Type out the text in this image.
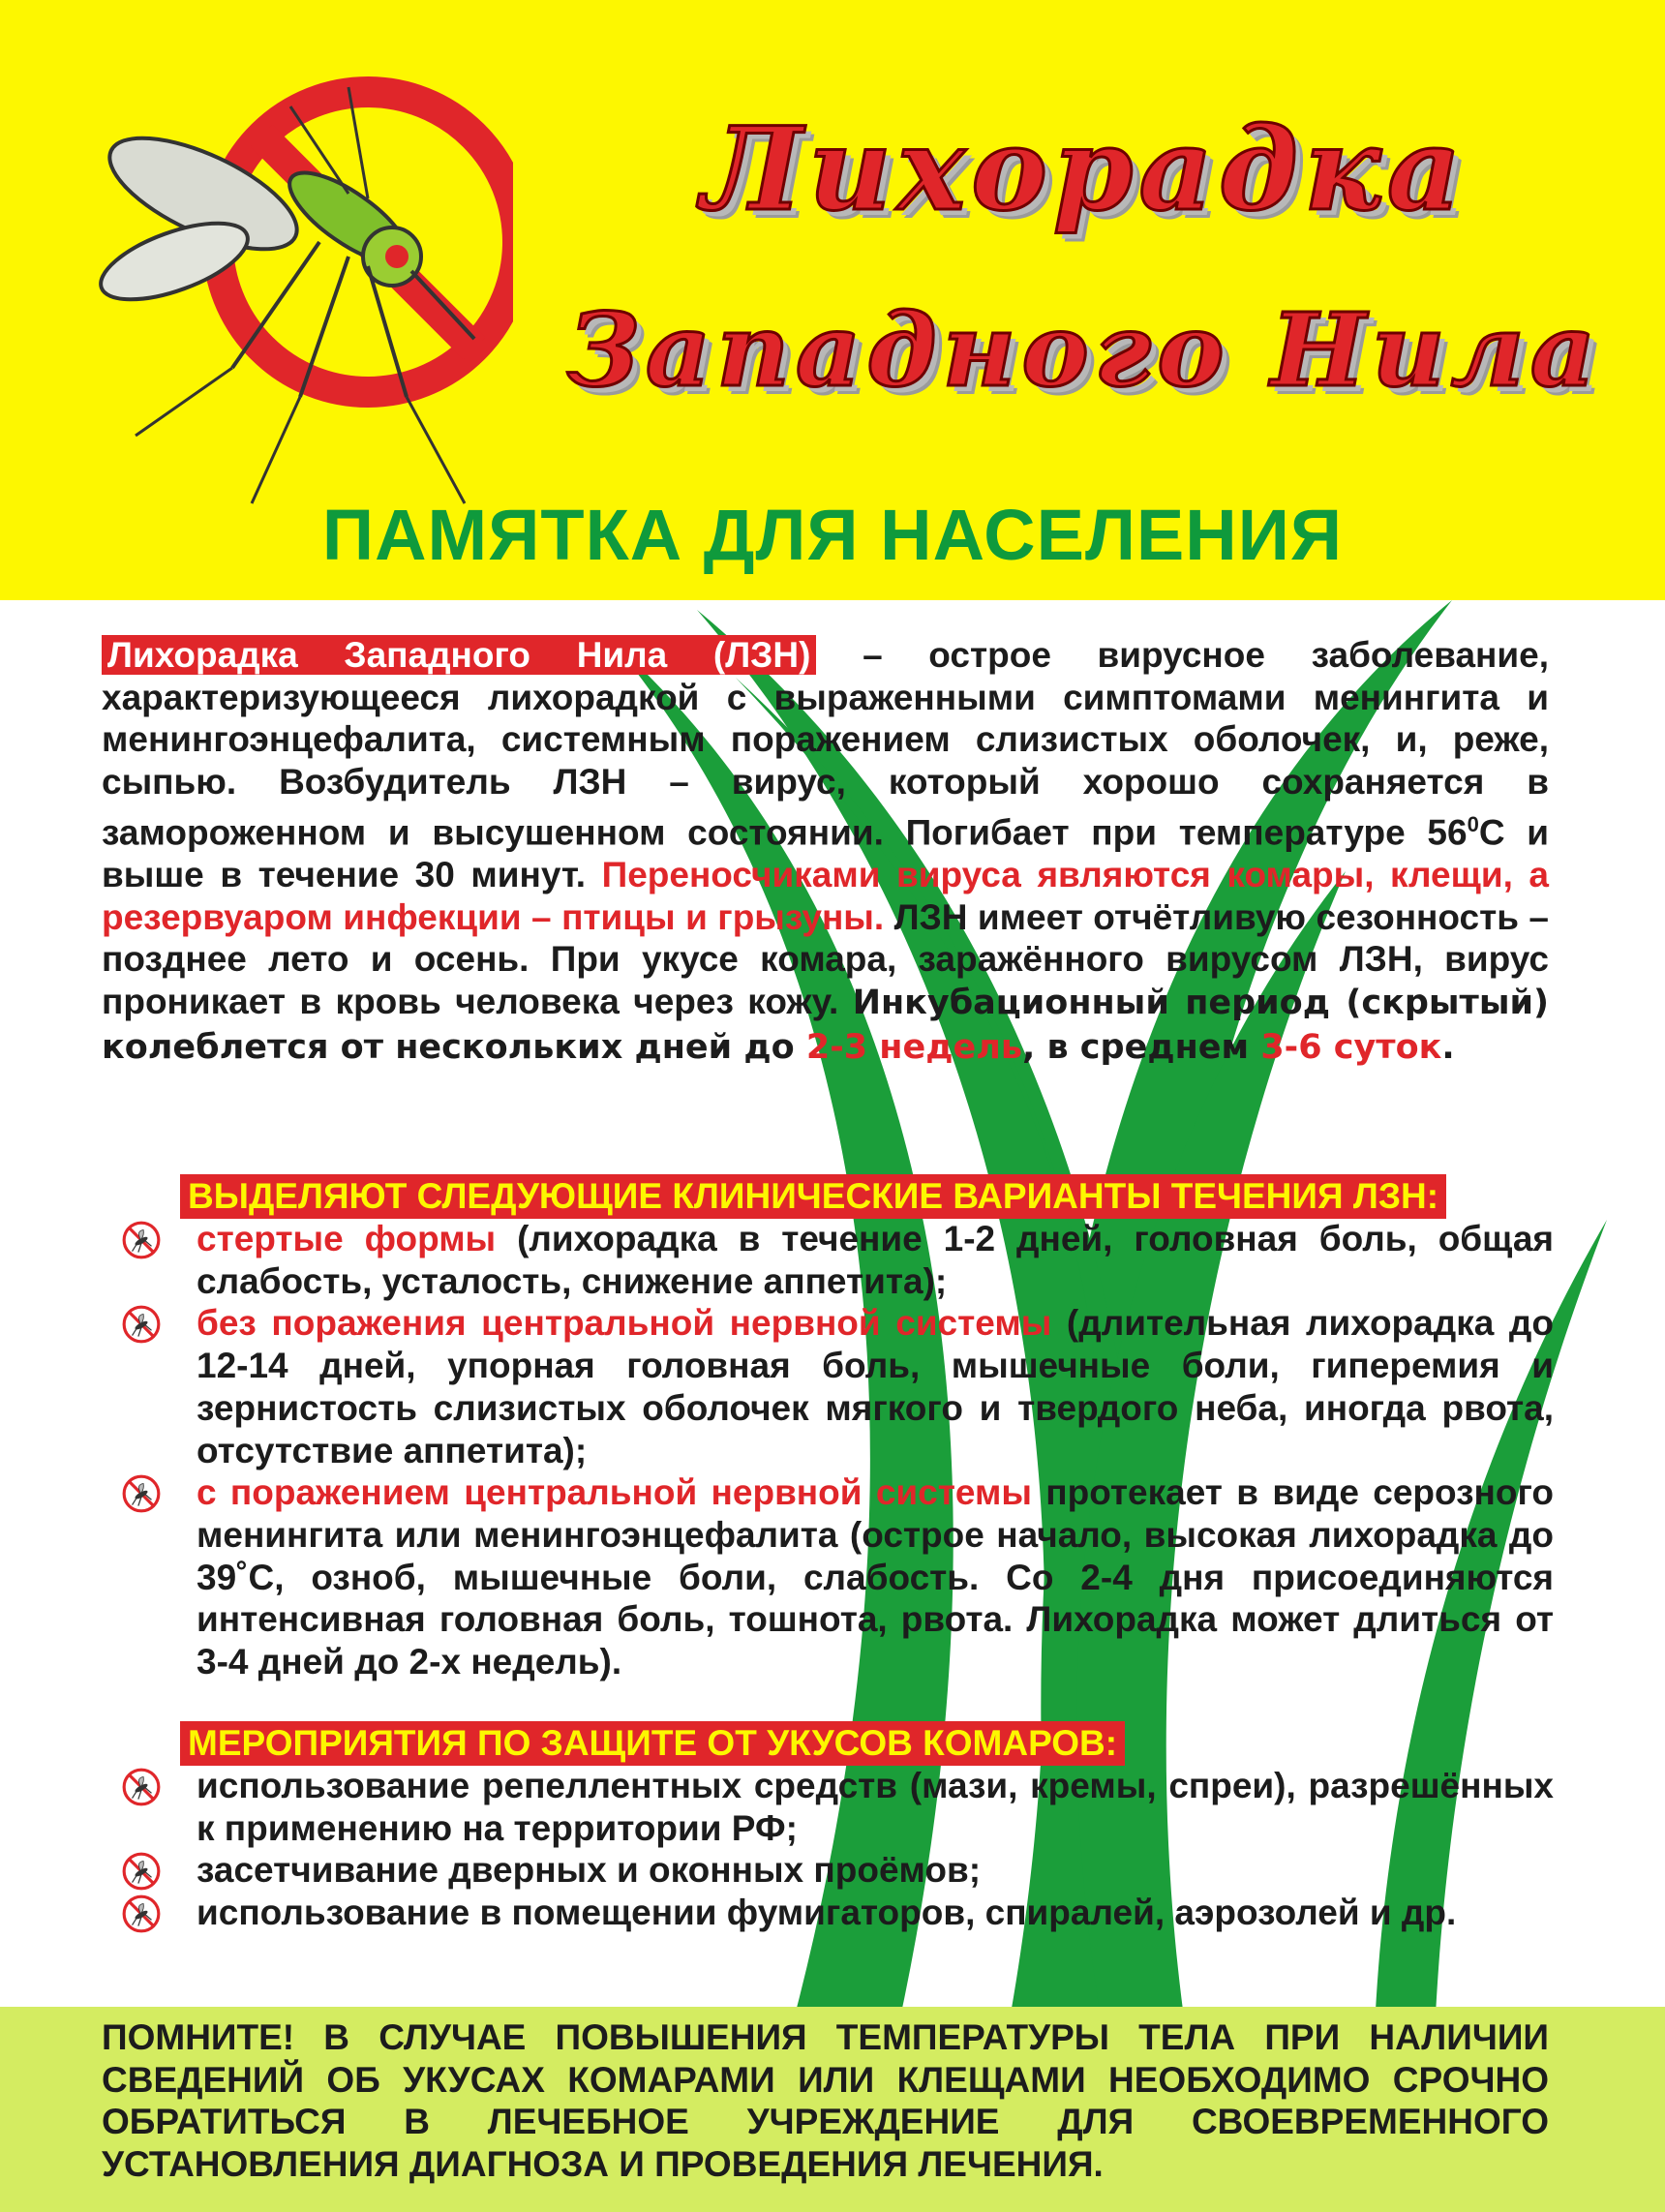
Лихорадка
Западного Нила
ПАМЯТКА ДЛЯ НАСЕЛЕНИЯ
Лихорадка Западного Нила (ЛЗН) – острое вирусное заболевание, характеризующееся лихорадкой с выраженными симптомами менингита и менингоэнцефалита, системным поражением слизистых оболочек, и, реже, сыпью. Возбудитель ЛЗН – вирус, который хорошо сохраняется в замороженном и высушенном состоянии. Погибает при температуре $56^0С$ и выше в течение 30 минут. Переносчиками вируса являются комары, клещи, а резервуаром инфекции – птицы и грызуны. ЛЗН имеет отчётливую сезонность – позднее лето и осень. При укусе комара, заражённого вирусом ЛЗН, вирус проникает в кровь человека через кожу. Инкубационный период (скрытый) колеблется от нескольких дней до 2-3 недель, в среднем 3-6 суток.
ВЫДЕЛЯЮТ СЛЕДУЮЩИЕ КЛИНИЧЕСКИЕ ВАРИАНТЫ ТЕЧЕНИЯ ЛЗН:
стертые формы (лихорадка в течение 1-2 дней, головная боль, общая слабость, усталость, снижение аппетита);
без поражения центральной нервной системы (длительная лихорадка до 12-14 дней, упорная головная боль, мышечные боли, гиперемия и зернистость слизистых оболочек мягкого и твердого неба, иногда рвота, отсутствие аппетита);
с поражением центральной нервной системы протекает в виде серозного менингита или менингоэнцефалита (острое начало, высокая лихорадка до 39˚С, озноб, мышечные боли, слабость. Со 2-4 дня присоединяются интенсивная головная боль, тошнота, рвота. Лихорадка может длиться от 3-4 дней до 2-х недель).
МЕРОПРИЯТИЯ ПО ЗАЩИТЕ ОТ УКУСОВ КОМАРОВ:
использование репеллентных средств (мази, кремы, спреи), разрешённых к применению на территории РФ;
засетчивание дверных и оконных проёмов;
использование в помещении фумигаторов, спиралей, аэрозолей и др.
ПОМНИТЕ! В СЛУЧАЕ ПОВЫШЕНИЯ ТЕМПЕРАТУРЫ ТЕЛА ПРИ НАЛИЧИИ СВЕДЕНИЙ ОБ УКУСАХ КОМАРАМИ ИЛИ КЛЕЩАМИ НЕОБХОДИМО СРОЧНО ОБРАТИТЬСЯ В ЛЕЧЕБНОЕ УЧРЕЖДЕНИЕ ДЛЯ СВОЕВРЕМЕННОГО УСТАНОВЛЕНИЯ ДИАГНОЗА И ПРОВЕДЕНИЯ ЛЕЧЕНИЯ.
